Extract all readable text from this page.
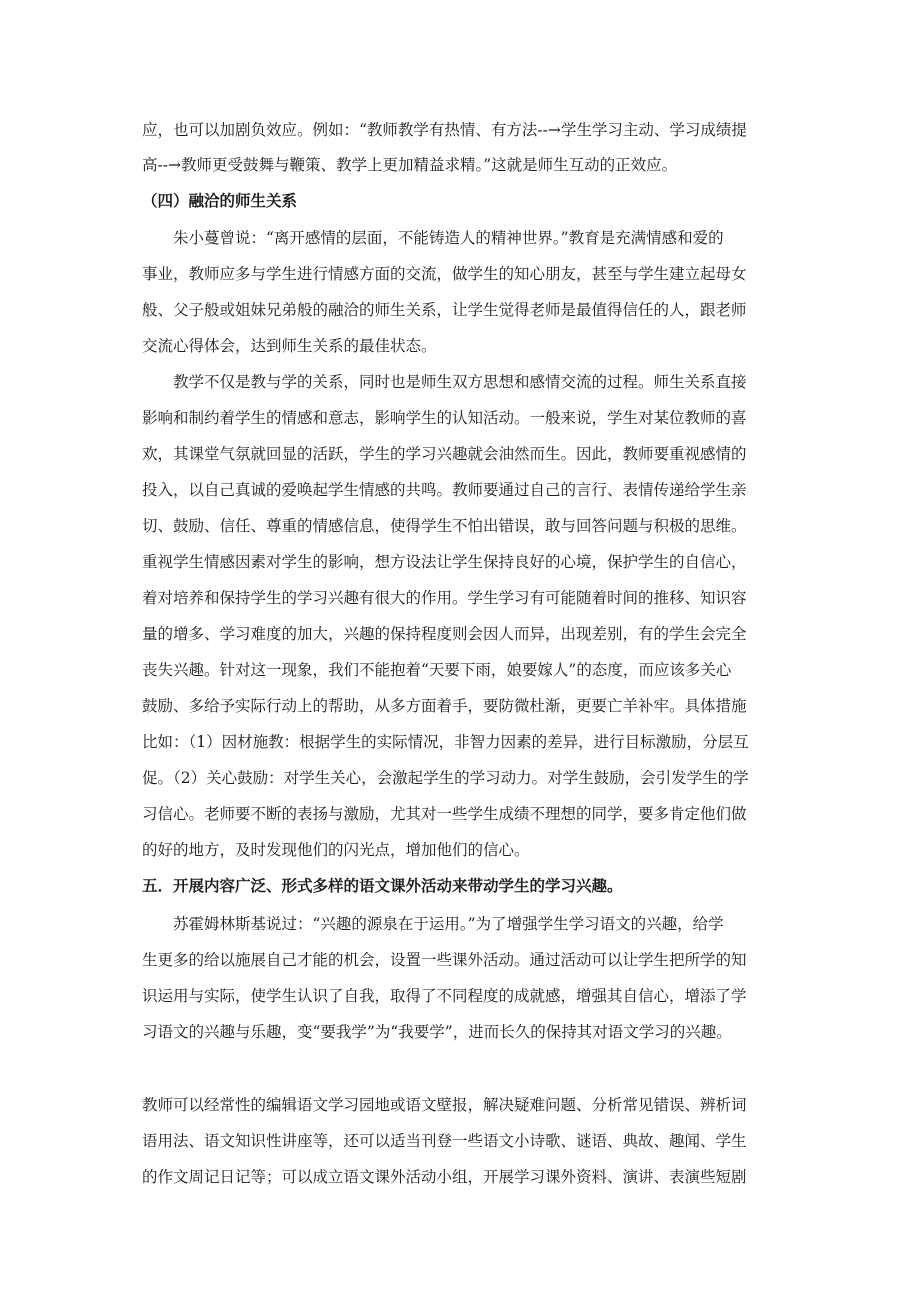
应，也可以加剧负效应。例如：“教师教学有热情、有方法--→学生学习主动、学习成绩提
高--→教师更受鼓舞与鞭策、教学上更加精益求精。”这就是师生互动的正效应。
（四）融洽的师生关系
朱小蔓曾说：“离开感情的层面，不能铸造人的精神世界。”教育是充满情感和爱的
事业，教师应多与学生进行情感方面的交流，做学生的知心朋友，甚至与学生建立起母女
般、父子般或姐妹兄弟般的融洽的师生关系，让学生觉得老师是最值得信任的人，跟老师
交流心得体会，达到师生关系的最佳状态。
教学不仅是教与学的关系，同时也是师生双方思想和感情交流的过程。师生关系直接
影响和制约着学生的情感和意志，影响学生的认知活动。一般来说，学生对某位教师的喜
欢，其课堂气氛就回显的活跃，学生的学习兴趣就会油然而生。因此，教师要重视感情的
投入，以自己真诚的爱唤起学生情感的共鸣。教师要通过自己的言行、表情传递给学生亲
切、鼓励、信任、尊重的情感信息，使得学生不怕出错误，敢与回答问题与积极的思维。
重视学生情感因素对学生的影响，想方设法让学生保持良好的心境，保护学生的自信心，
着对培养和保持学生的学习兴趣有很大的作用。学生学习有可能随着时间的推移、知识容
量的增多、学习难度的加大，兴趣的保持程度则会因人而异，出现差别，有的学生会完全
丧失兴趣。针对这一现象，我们不能抱着“天要下雨，娘要嫁人”的态度，而应该多关心
鼓励、多给予实际行动上的帮助，从多方面着手，要防微杜渐，更要亡羊补牢。具体措施
比如：（1）因材施教：根据学生的实际情况，非智力因素的差异，进行目标激励，分层互
促。（2）关心鼓励：对学生关心，会激起学生的学习动力。对学生鼓励，会引发学生的学
习信心。老师要不断的表扬与激励，尤其对一些学生成绩不理想的同学，要多肯定他们做
的好的地方，及时发现他们的闪光点，增加他们的信心。
五．开展内容广泛、形式多样的语文课外活动来带动学生的学习兴趣。
苏霍姆林斯基说过：“兴趣的源泉在于运用。”为了增强学生学习语文的兴趣，给学
生更多的给以施展自己才能的机会，设置一些课外活动。通过活动可以让学生把所学的知
识运用与实际，使学生认识了自我，取得了不同程度的成就感，增强其自信心，增添了学
习语文的兴趣与乐趣，变“要我学”为“我要学”，进而长久的保持其对语文学习的兴趣。
教师可以经常性的编辑语文学习园地或语文壁报，解决疑难问题、分析常见错误、辨析词
语用法、语文知识性讲座等，还可以适当刊登一些语文小诗歌、谜语、典故、趣闻、学生
的作文周记日记等；可以成立语文课外活动小组，开展学习课外资料、演讲、表演些短剧
